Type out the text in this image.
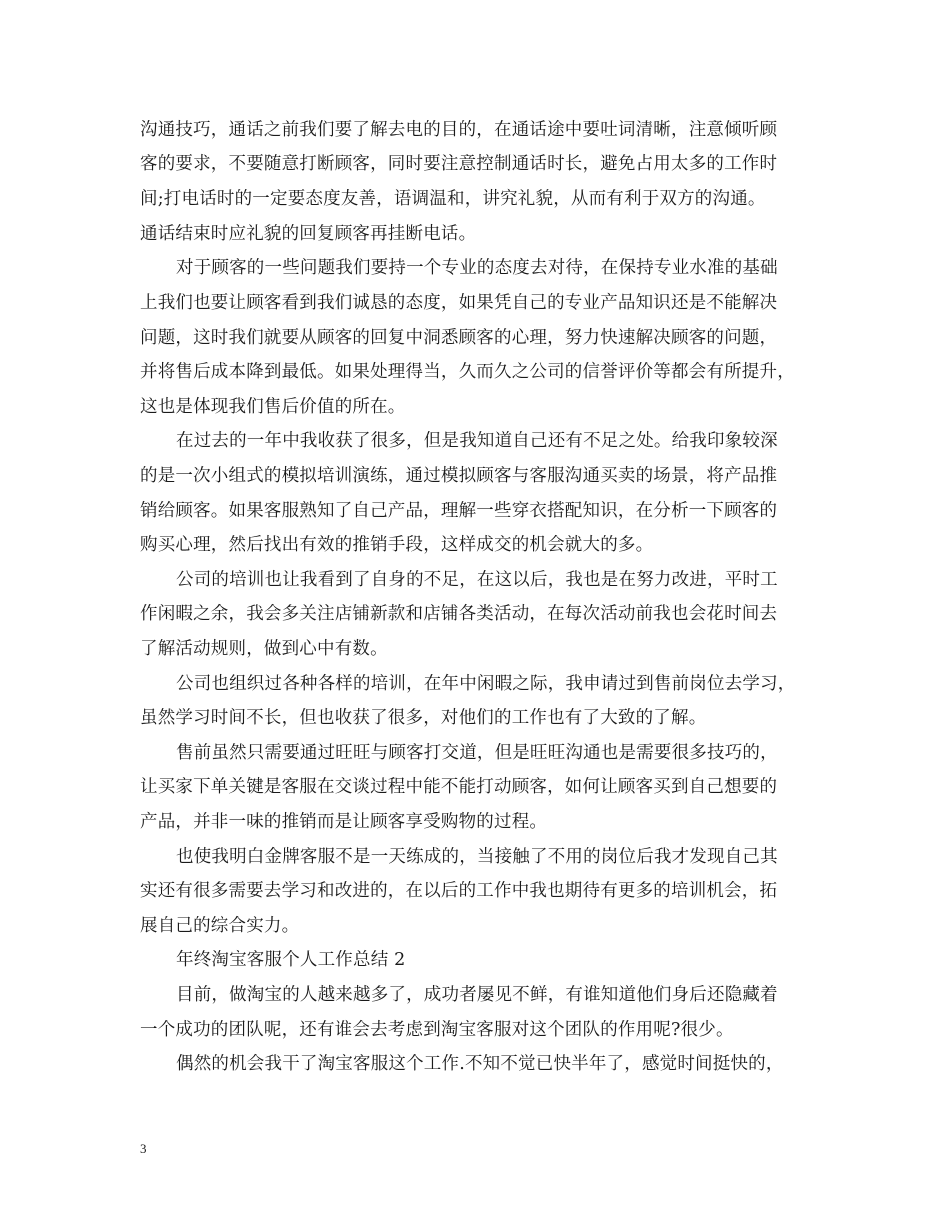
沟通技巧，通话之前我们要了解去电的目的，在通话途中要吐词清晰，注意倾听顾
客的要求，不要随意打断顾客，同时要注意控制通话时长，避免占用太多的工作时
间;打电话时的一定要态度友善，语调温和，讲究礼貌，从而有利于双方的沟通。
通话结束时应礼貌的回复顾客再挂断电话。
对于顾客的一些问题我们要持一个专业的态度去对待，在保持专业水准的基础
上我们也要让顾客看到我们诚恳的态度，如果凭自己的专业产品知识还是不能解决
问题，这时我们就要从顾客的回复中洞悉顾客的心理，努力快速解决顾客的问题，
并将售后成本降到最低。如果处理得当，久而久之公司的信誉评价等都会有所提升，
这也是体现我们售后价值的所在。
在过去的一年中我收获了很多，但是我知道自己还有不足之处。给我印象较深
的是一次小组式的模拟培训演练，通过模拟顾客与客服沟通买卖的场景，将产品推
销给顾客。如果客服熟知了自己产品，理解一些穿衣搭配知识，在分析一下顾客的
购买心理，然后找出有效的推销手段，这样成交的机会就大的多。
公司的培训也让我看到了自身的不足，在这以后，我也是在努力改进，平时工
作闲暇之余，我会多关注店铺新款和店铺各类活动，在每次活动前我也会花时间去
了解活动规则，做到心中有数。
公司也组织过各种各样的培训，在年中闲暇之际，我申请过到售前岗位去学习，
虽然学习时间不长，但也收获了很多，对他们的工作也有了大致的了解。
售前虽然只需要通过旺旺与顾客打交道，但是旺旺沟通也是需要很多技巧的，
让买家下单关键是客服在交谈过程中能不能打动顾客，如何让顾客买到自己想要的
产品，并非一味的推销而是让顾客享受购物的过程。
也使我明白金牌客服不是一天练成的，当接触了不用的岗位后我才发现自己其
实还有很多需要去学习和改进的，在以后的工作中我也期待有更多的培训机会，拓
展自己的综合实力。
年终淘宝客服个人工作总结 2
目前，做淘宝的人越来越多了，成功者屡见不鲜，有谁知道他们身后还隐藏着
一个成功的团队呢，还有谁会去考虑到淘宝客服对这个团队的作用呢?很少。
偶然的机会我干了淘宝客服这个工作.不知不觉已快半年了，感觉时间挺快的，
3
